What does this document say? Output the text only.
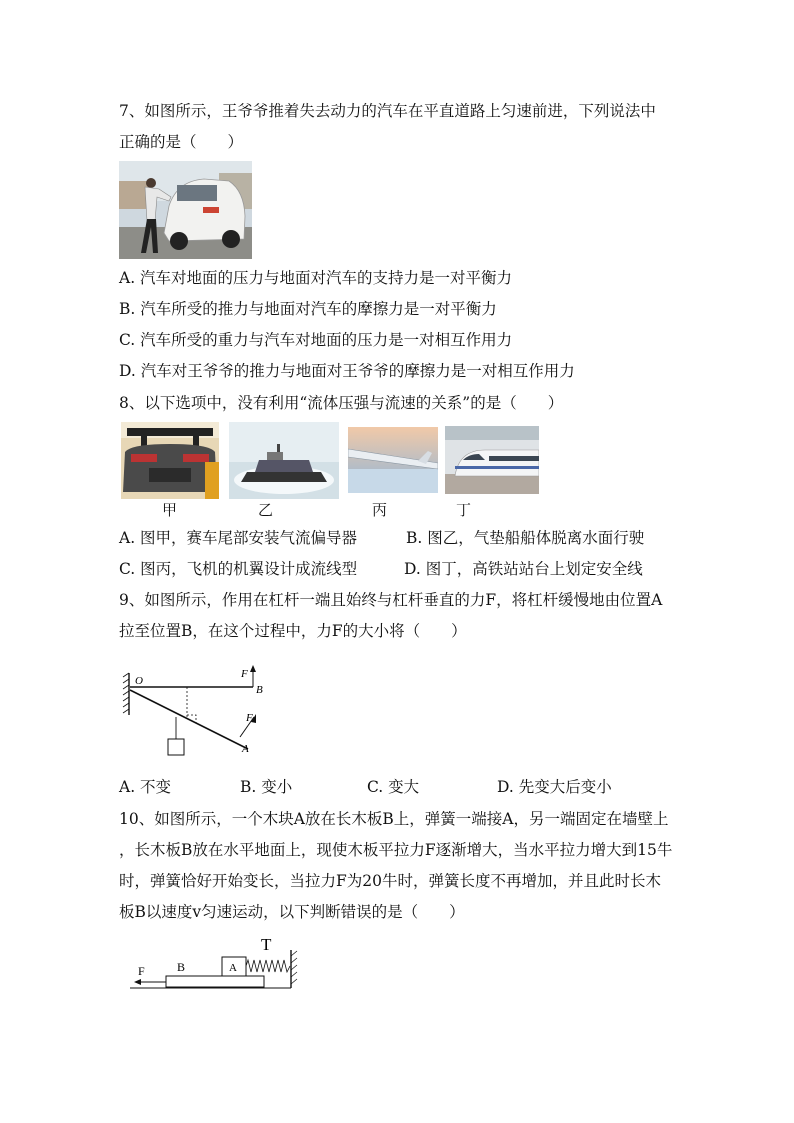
7、如图所示，王爷爷推着失去动力的汽车在平直道路上匀速前进，下列说法中
正确的是（　　）
A. 汽车对地面的压力与地面对汽车的支持力是一对平衡力
B. 汽车所受的推力与地面对汽车的摩擦力是一对平衡力
C. 汽车所受的重力与汽车对地面的压力是一对相互作用力
D. 汽车对王爷爷的推力与地面对王爷爷的摩擦力是一对相互作用力
8、以下选项中，没有利用“流体压强与流速的关系”的是（　　）
甲	乙	丙	丁
A. 图甲，赛车尾部安装气流偏导器	B. 图乙，气垫船船体脱离水面行驶
C. 图丙，飞机的机翼设计成流线型	D. 图丁，高铁站站台上划定安全线
9、如图所示，作用在杠杆一端且始终与杠杆垂直的力F，将杠杆缓慢地由位置A
拉至位置B，在这个过程中，力F的大小将（　　）
O
F
B
F
A
A. 不变	B. 变小	C. 变大	D. 先变大后变小
10、如图所示，一个木块A放在长木板B上，弹簧一端接A，另一端固定在墙壁上
，长木板B放在水平地面上，现使木板平拉力F逐渐增大，当水平拉力增大到15牛
时，弹簧恰好开始变长，当拉力F为20牛时，弹簧长度不再增加，并且此时长木
板B以速度v匀速运动，以下判断错误的是（　　）
F	B	A
T
